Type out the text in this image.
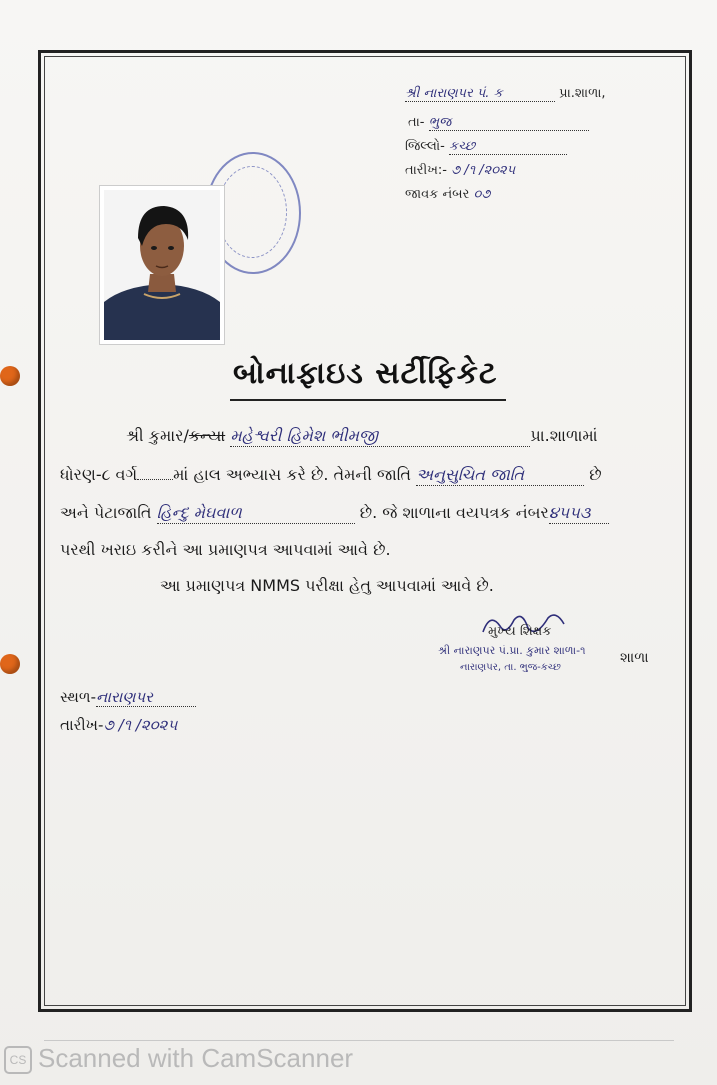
શ્રી નારાણપર પં. ક	પ્રા.શાળા,
તા- ભુજ
જિલ્લો- કચ્છ
તારીખ:- ૭ /૧ /૨૦૨૫
જાવક નંબર ૦૭
બોનાફાઇડ સર્ટીફિકેટ
શ્રી કુમાર/કન્યા મહેશ્વરી હિમેશ ભીમજી	પ્રા.શાળામાં
ધોરણ-૮ વર્ગ માં હાલ અભ્યાસ કરે છે. તેમની જાતિ અનુસુચિત જાતિ	છે
અને પેટાજાતિ હિન્દુ મેઘવાળ	છે. જે શાળાના વયપત્રક નંબર૪૫૫૩
પરથી ખરાઇ કરીને આ પ્રમાણપત્ર આપવામાં આવે છે.
આ પ્રમાણપત્ર NMMS પરીક્ષા હેતુ આપવામાં આવે છે.
મુખ્ય શિક્ષક
શ્રી નારાણપર પં.પ્રા. કુમાર શાળા-૧ શાળા
નારાણપર, તા. ભુજ-કચ્છ
સ્થળ-નારાણપર
તારીખ-૭ /૧ /૨૦૨૫
CS Scanned with CamScanner
